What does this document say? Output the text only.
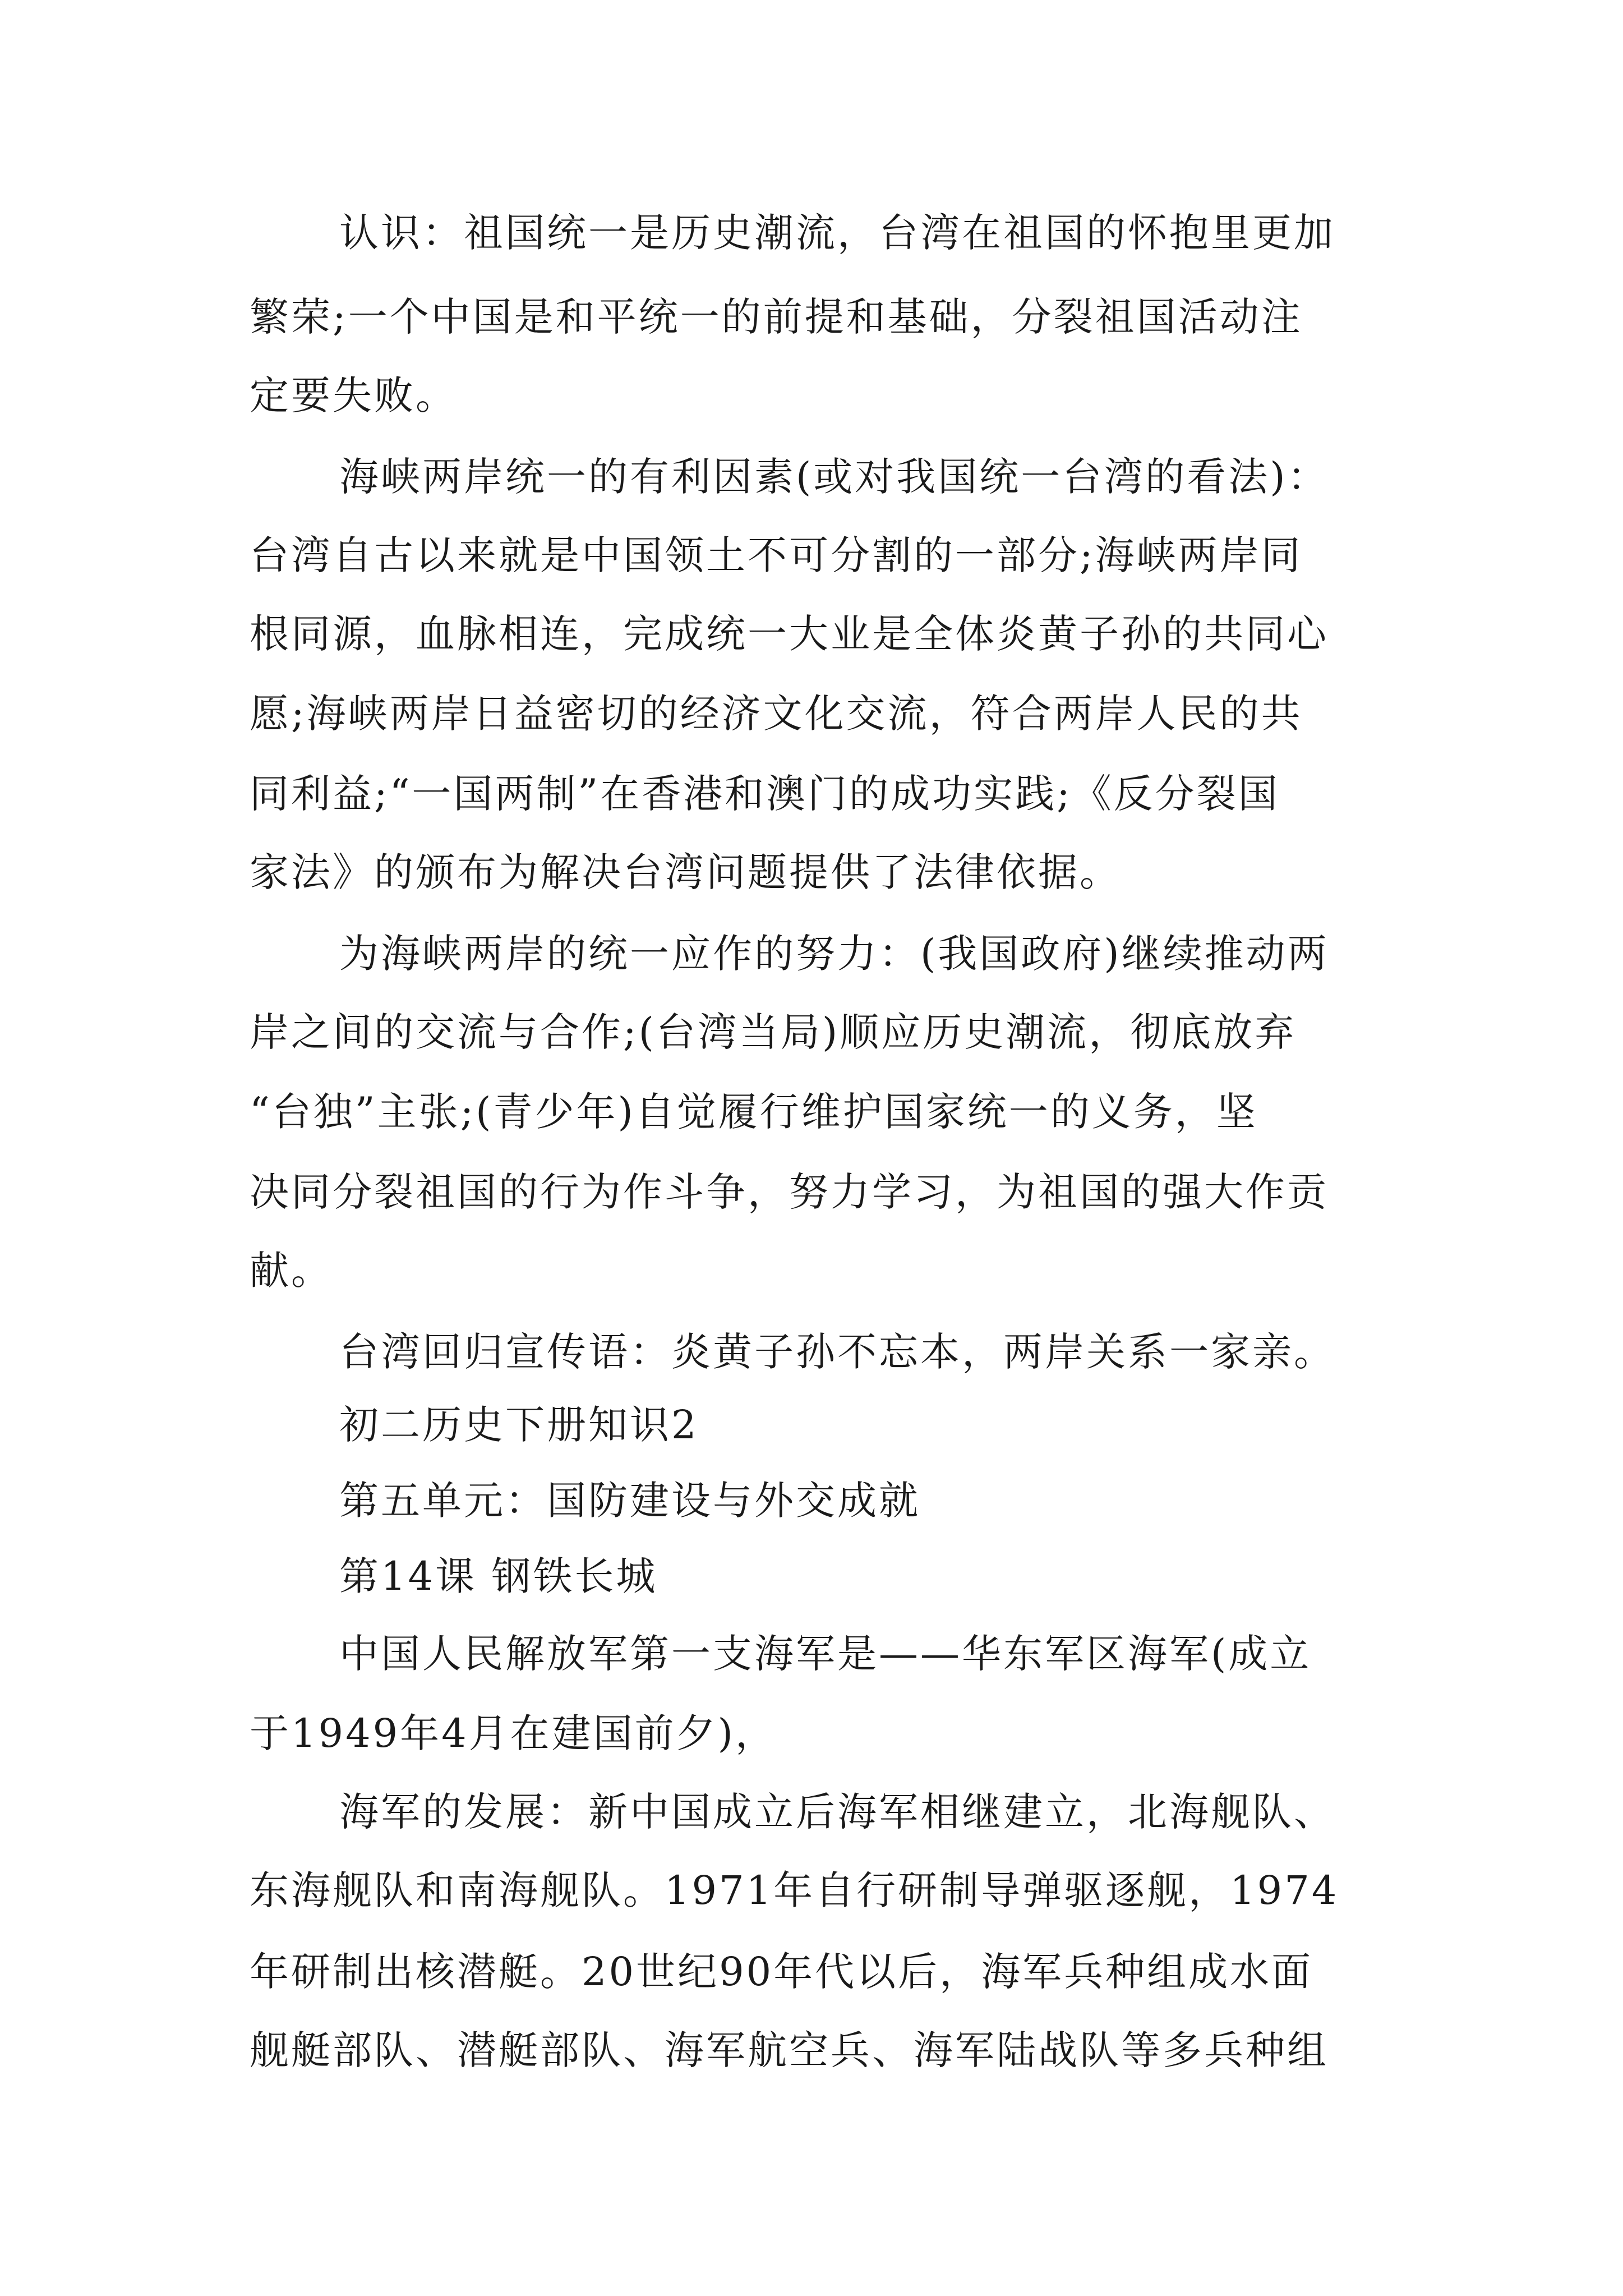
认识：祖国统一是历史潮流，台湾在祖国的怀抱里更加

繁荣;一个中国是和平统一的前提和基础，分裂祖国活动注

定要失败。

海峡两岸统一的有利因素(或对我国统一台湾的看法)：

台湾自古以来就是中国领土不可分割的一部分;海峡两岸同

根同源，血脉相连，完成统一大业是全体炎黄子孙的共同心

愿;海峡两岸日益密切的经济文化交流，符合两岸人民的共

同利益;“一国两制”在香港和澳门的成功实践;《反分裂国

家法》的颁布为解决台湾问题提供了法律依据。

为海峡两岸的统一应作的努力：(我国政府)继续推动两

岸之间的交流与合作;(台湾当局)顺应历史潮流，彻底放弃

“台独”主张;(青少年)自觉履行维护国家统一的义务，坚

决同分裂祖国的行为作斗争，努力学习，为祖国的强大作贡

献。

台湾回归宣传语：炎黄子孙不忘本，两岸关系一家亲。

初二历史下册知识2

第五单元：国防建设与外交成就

第14课 钢铁长城

中国人民解放军第一支海军是——华东军区海军(成立

于1949年4月在建国前夕)，

海军的发展：新中国成立后海军相继建立，北海舰队、

东海舰队和南海舰队。1971年自行研制导弹驱逐舰，1974

年研制出核潜艇。20世纪90年代以后，海军兵种组成水面

舰艇部队、潜艇部队、海军航空兵、海军陆战队等多兵种组
